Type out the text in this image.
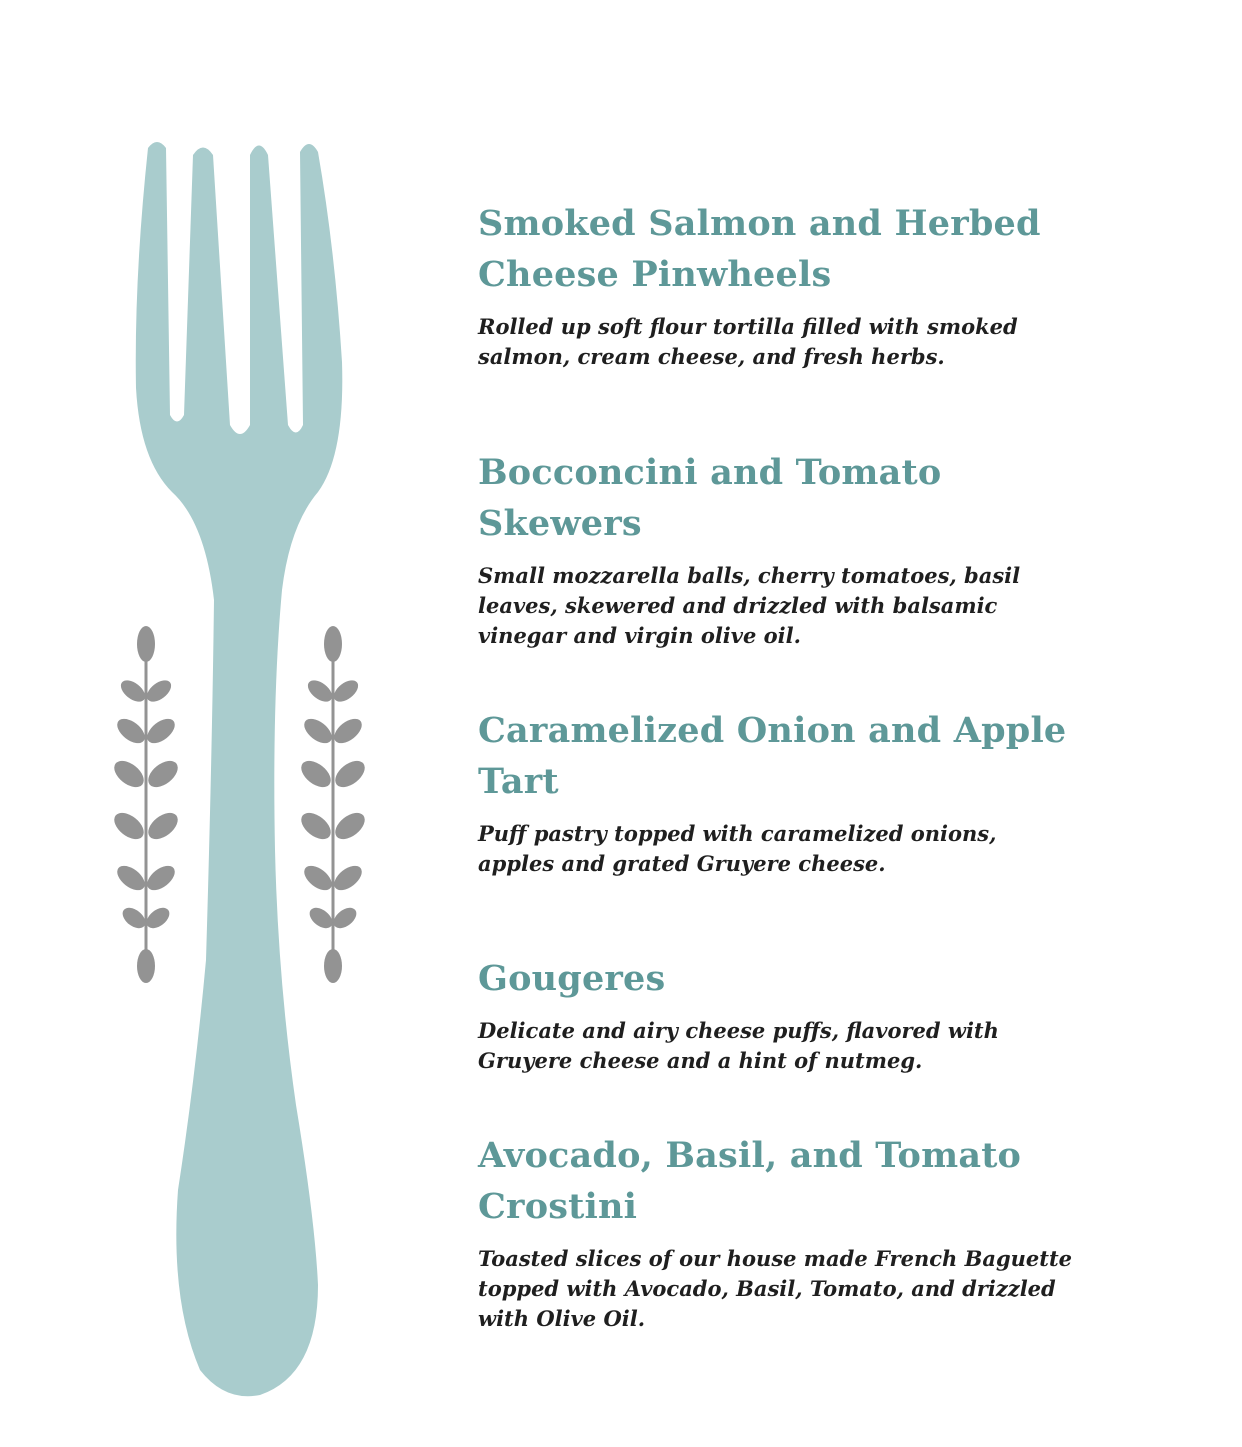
Smoked Salmon and Herbed Cheese Pinwheels

Rolled up soft flour tortilla filled with smoked salmon, cream cheese, and fresh herbs.

Bocconcini and Tomato Skewers

Small mozzarella balls, cherry tomatoes, basil leaves, skewered and drizzled with balsamic vinegar and virgin olive oil.

Caramelized Onion and Apple Tart

Puff pastry topped with caramelized onions, apples and grated Gruyere cheese.

Gougeres

Delicate and airy cheese puffs, flavored with Gruyere cheese and a hint of nutmeg.

Avocado, Basil, and Tomato Crostini

Toasted slices of our house made French Baguette topped with Avocado, Basil, Tomato, and drizzled with Olive Oil.
